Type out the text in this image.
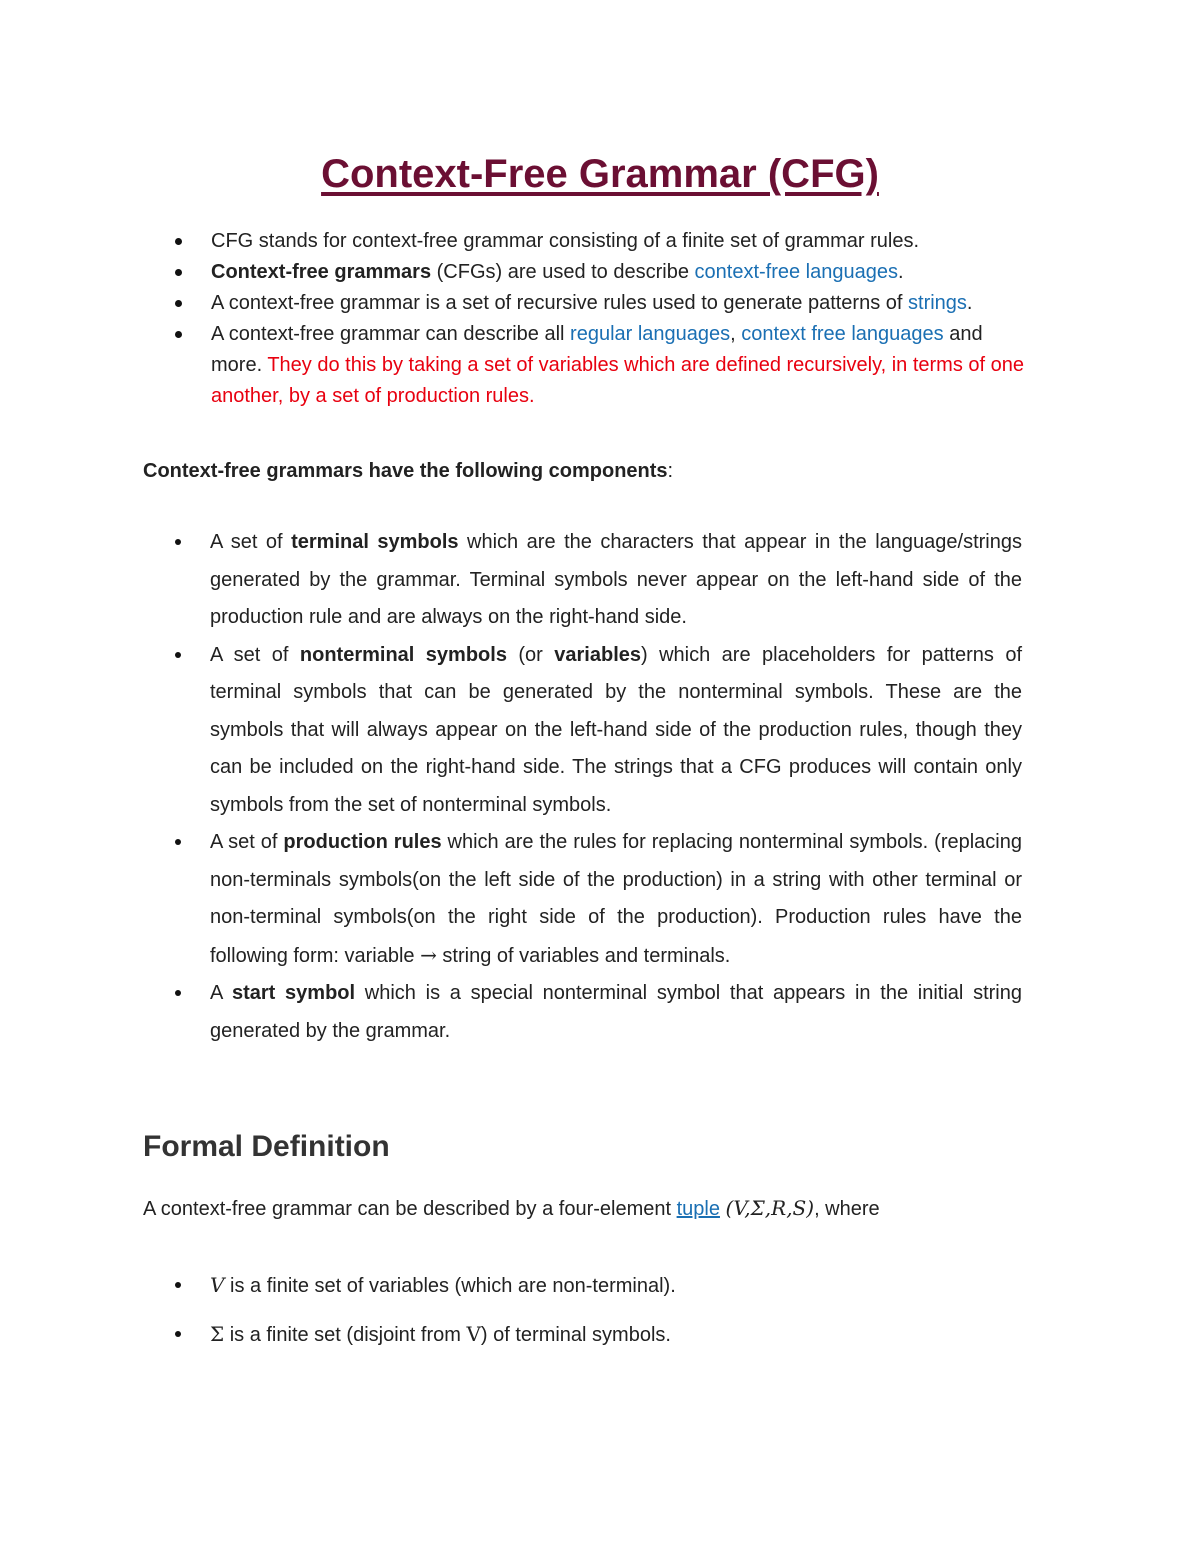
Context-Free Grammar (CFG)
CFG stands for context-free grammar consisting of a finite set of grammar rules.
Context-free grammars (CFGs) are used to describe context-free languages.
A context-free grammar is a set of recursive rules used to generate patterns of strings.
A context-free grammar can describe all regular languages, context free languages and more. They do this by taking a set of variables which are defined recursively, in terms of one another, by a set of production rules.

Context-free grammars have the following components:

A set of terminal symbols which are the characters that appear in the language/strings generated by the grammar. Terminal symbols never appear on the left-hand side of the production rule and are always on the right-hand side.
A set of nonterminal symbols (or variables) which are placeholders for patterns of terminal symbols that can be generated by the nonterminal symbols. These are the symbols that will always appear on the left-hand side of the production rules, though they can be included on the right-hand side. The strings that a CFG produces will contain only symbols from the set of nonterminal symbols.
A set of production rules which are the rules for replacing nonterminal symbols. (replacing non-terminals symbols(on the left side of the production) in a string with other terminal or non-terminal symbols(on the right side of the production). Production rules have the following form: variable → string of variables and terminals.
A start symbol which is a special nonterminal symbol that appears in the initial string generated by the grammar.
Formal Definition

A context-free grammar can be described by a four-element tuple (V,Σ,R,S), where

V is a finite set of variables (which are non-terminal).
Σ is a finite set (disjoint from V) of terminal symbols.
